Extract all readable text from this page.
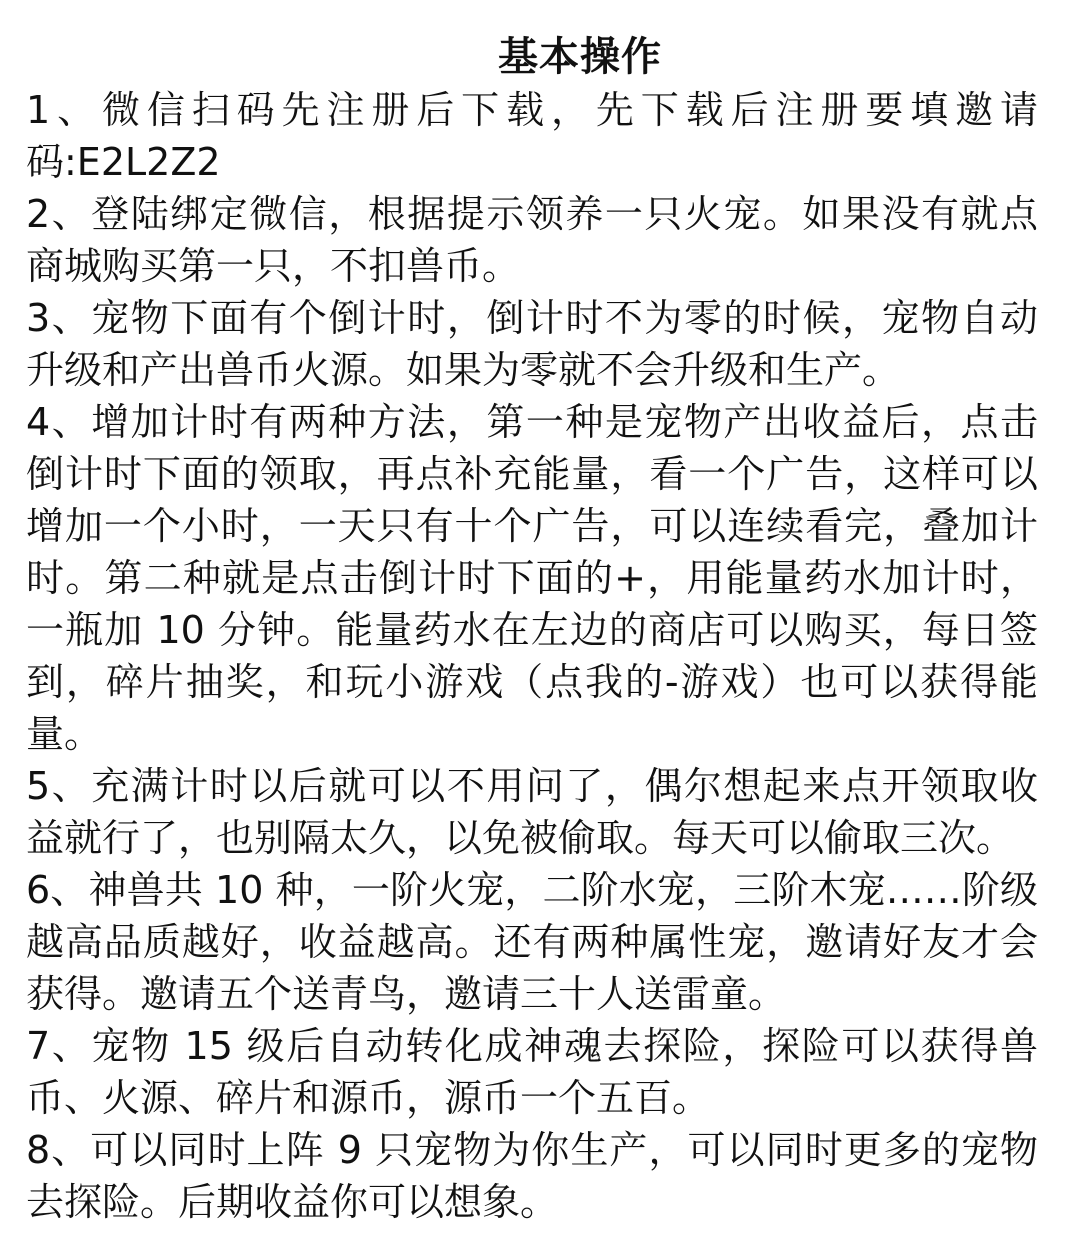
基本操作

1、微信扫码先注册后下载，先下载后注册要填邀请码:E2L2Z2

2、登陆绑定微信，根据提示领养一只火宠。如果没有就点商城购买第一只，不扣兽币。

3、宠物下面有个倒计时，倒计时不为零的时候，宠物自动升级和产出兽币火源。如果为零就不会升级和生产。

4、增加计时有两种方法，第一种是宠物产出收益后，点击倒计时下面的领取，再点补充能量，看一个广告，这样可以增加一个小时，一天只有十个广告，可以连续看完，叠加计时。第二种就是点击倒计时下面的+，用能量药水加计时，一瓶加 10 分钟。能量药水在左边的商店可以购买，每日签到，碎片抽奖，和玩小游戏（点我的-游戏）也可以获得能量。

5、充满计时以后就可以不用问了，偶尔想起来点开领取收益就行了，也别隔太久，以免被偷取。每天可以偷取三次。

6、神兽共 10 种，一阶火宠，二阶水宠，三阶木宠……阶级越高品质越好，收益越高。还有两种属性宠，邀请好友才会获得。邀请五个送青鸟，邀请三十人送雷童。

7、宠物 15 级后自动转化成神魂去探险，探险可以获得兽币、火源、碎片和源币，源币一个五百。

8、可以同时上阵 9 只宠物为你生产，可以同时更多的宠物去探险。后期收益你可以想象。
